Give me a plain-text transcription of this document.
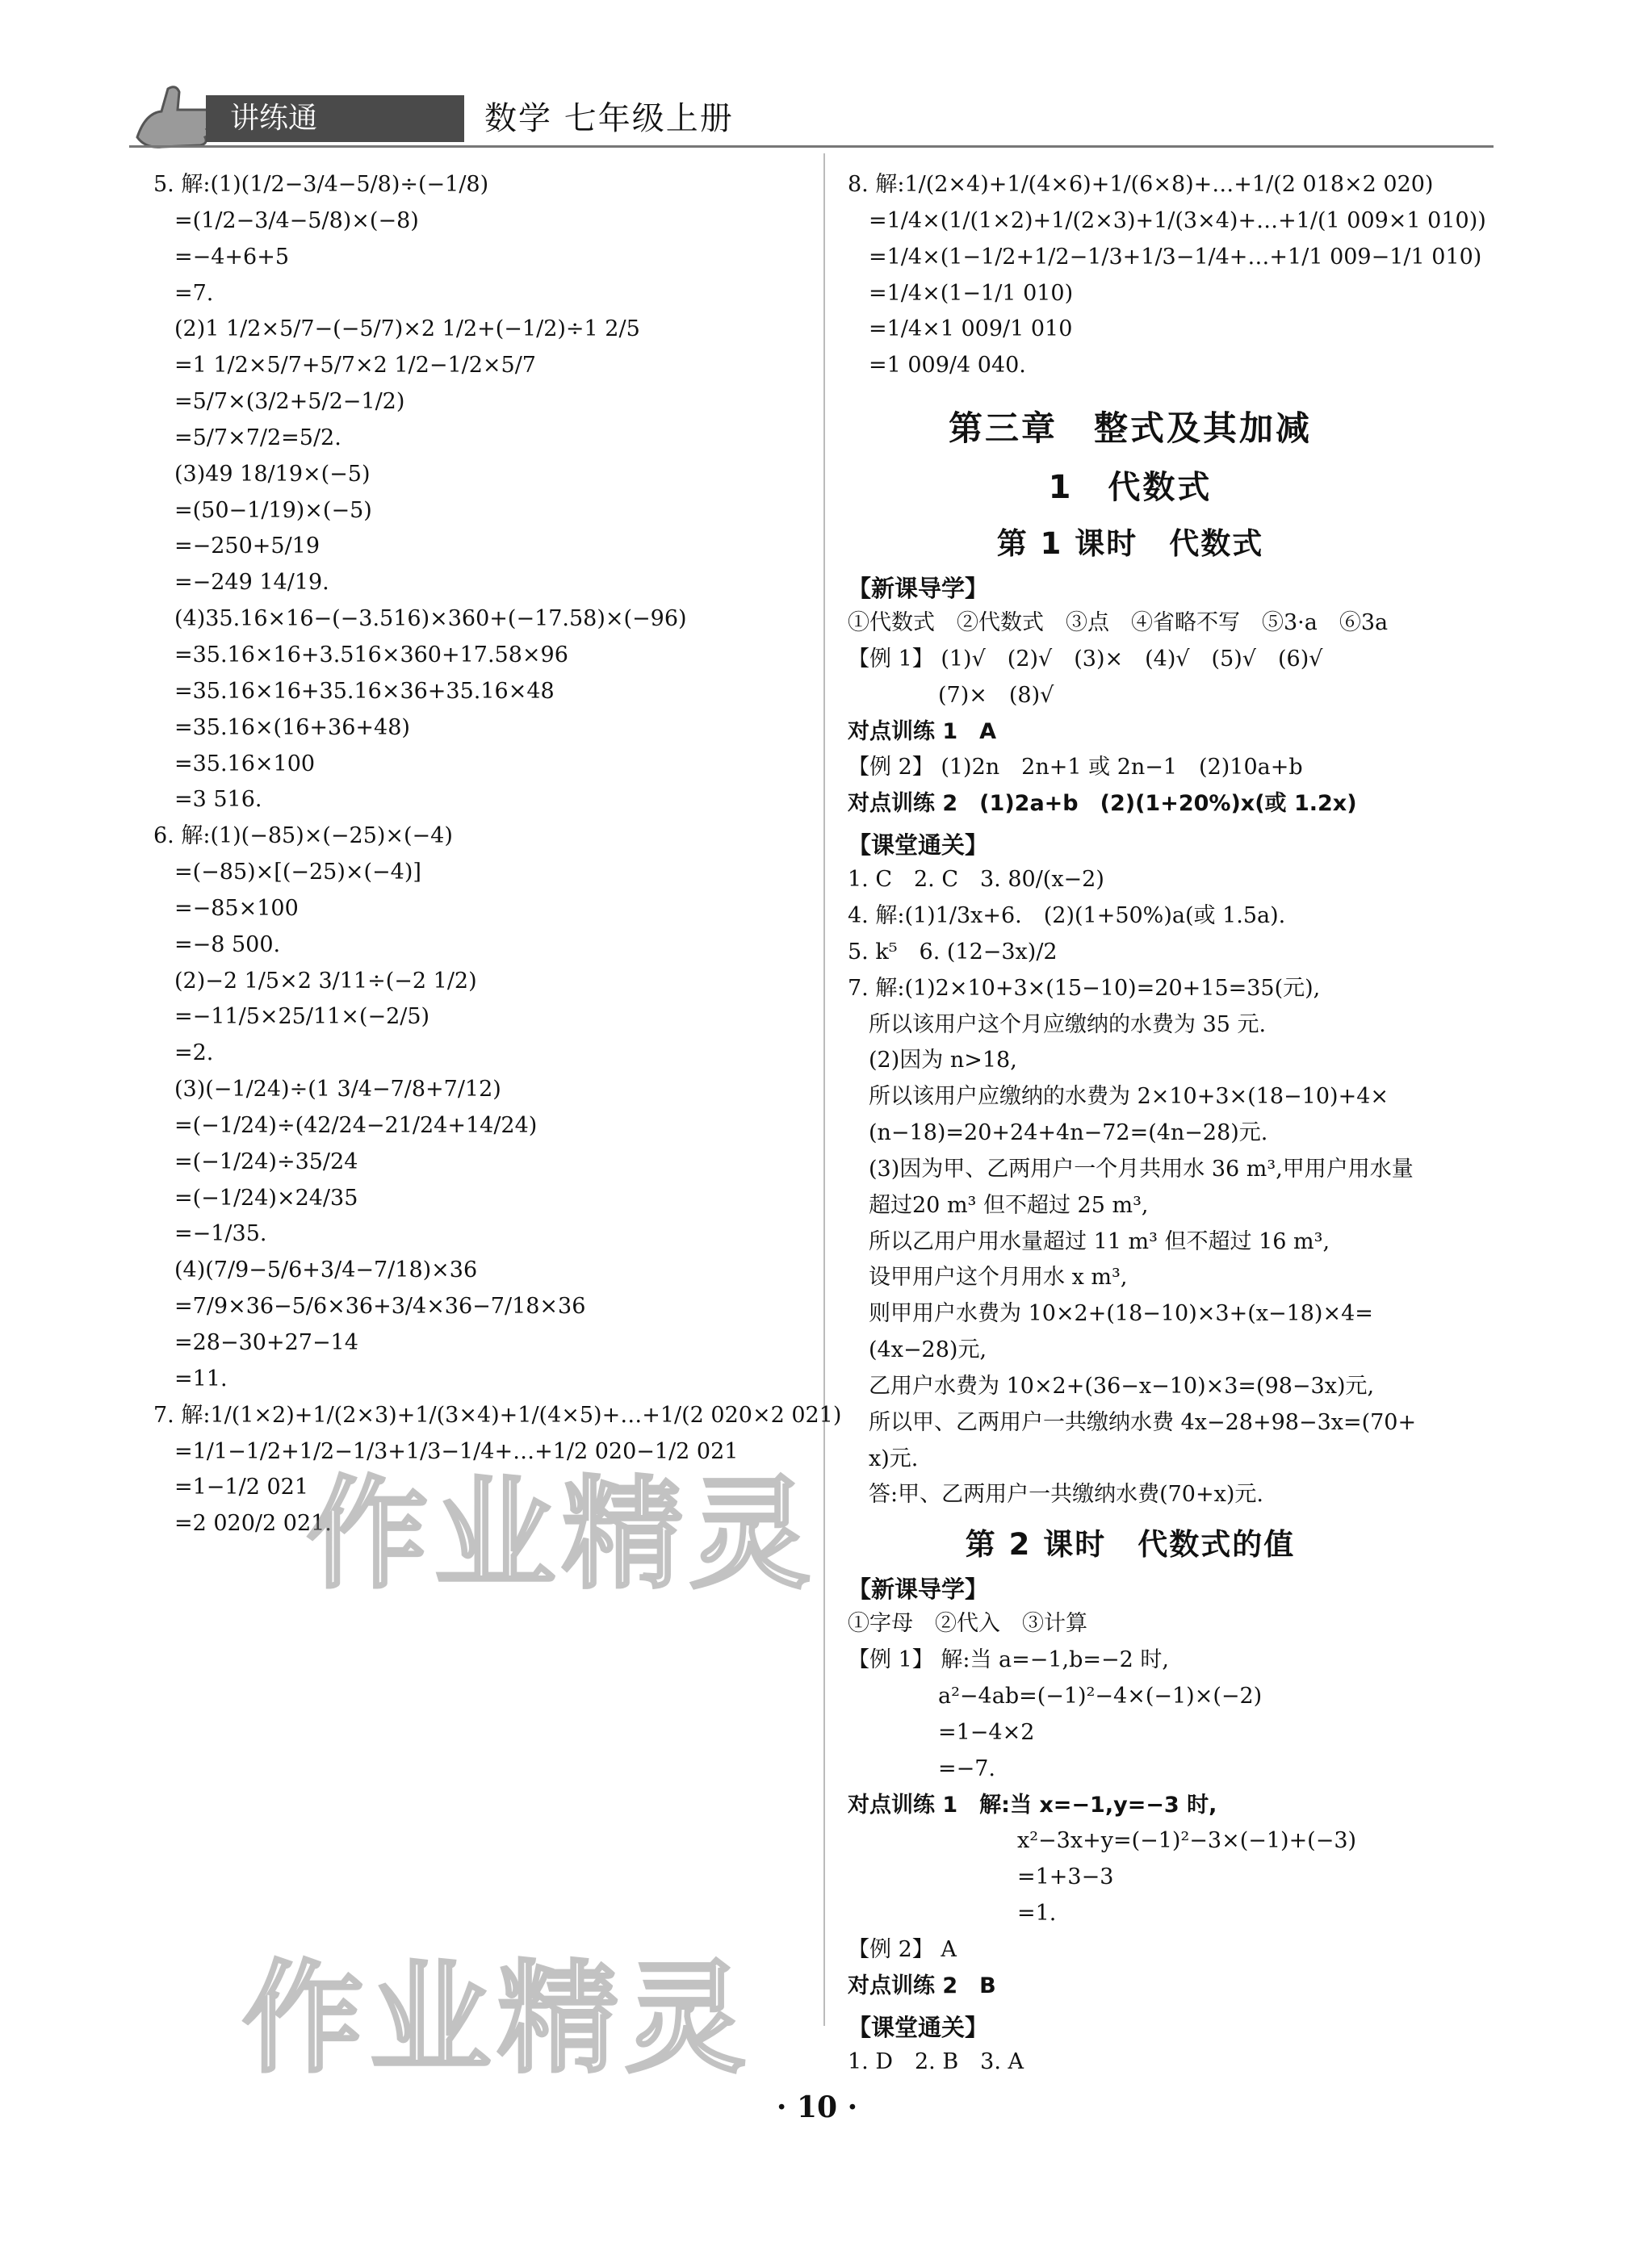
讲练通	数学 七年级上册
5. 解:(1)(1/2−3/4−5/8)÷(−1/8)
=(1/2−3/4−5/8)×(−8)
=−4+6+5
=7.
(2)1 1/2×5/7−(−5/7)×2 1/2+(−1/2)÷1 2/5
=1 1/2×5/7+5/7×2 1/2−1/2×5/7
=5/7×(3/2+5/2−1/2)
=5/7×7/2=5/2.
(3)49 18/19×(−5)
=(50−1/19)×(−5)
=−250+5/19
=−249 14/19.
(4)35.16×16−(−3.516)×360+(−17.58)×(−96)
=35.16×16+3.516×360+17.58×96
=35.16×16+35.16×36+35.16×48
=35.16×(16+36+48)
=35.16×100
=3 516.
6. 解:(1)(−85)×(−25)×(−4)
=(−85)×[(−25)×(−4)]
=−85×100
=−8 500.
(2)−2 1/5×2 3/11÷(−2 1/2)
=−11/5×25/11×(−2/5)
=2.
(3)(−1/24)÷(1 3/4−7/8+7/12)
=(−1/24)÷(42/24−21/24+14/24)
=(−1/24)÷35/24
=(−1/24)×24/35
=−1/35.
(4)(7/9−5/6+3/4−7/18)×36
=7/9×36−5/6×36+3/4×36−7/18×36
=28−30+27−14
=11.
7. 解:1/(1×2)+1/(2×3)+1/(3×4)+1/(4×5)+…+1/(2 020×2 021)
=1/1−1/2+1/2−1/3+1/3−1/4+…+1/2 020−1/2 021
=1−1/2 021
=2 020/2 021.
8. 解:1/(2×4)+1/(4×6)+1/(6×8)+…+1/(2 018×2 020)
=1/4×(1/(1×2)+1/(2×3)+1/(3×4)+…+1/(1 009×1 010))
=1/4×(1−1/2+1/2−1/3+1/3−1/4+…+1/1 009−1/1 010)
=1/4×(1−1/1 010)
=1/4×1 009/1 010
=1 009/4 040.
第三章　整式及其加减
1　代数式
第 1 课时　代数式
【新课导学】
①代数式　②代数式　③点　④省略不写　⑤3·a　⑥3a
【例 1】 (1)√　(2)√　(3)×　(4)√　(5)√　(6)√
(7)×　(8)√
对点训练 1　A
【例 2】 (1)2n　2n+1 或 2n−1　(2)10a+b
对点训练 2　(1)2a+b　(2)(1+20%)x(或 1.2x)
【课堂通关】
1. C　2. C　3. 80/(x−2)
4. 解:(1)1/3x+6.　(2)(1+50%)a(或 1.5a).
5. k⁵　6. (12−3x)/2
7. 解:(1)2×10+3×(15−10)=20+15=35(元),
所以该用户这个月应缴纳的水费为 35 元.
(2)因为 n>18,
所以该用户应缴纳的水费为 2×10+3×(18−10)+4×
(n−18)=20+24+4n−72=(4n−28)元.
(3)因为甲、乙两用户一个月共用水 36 m³,甲用户用水量
超过20 m³ 但不超过 25 m³,
所以乙用户用水量超过 11 m³ 但不超过 16 m³,
设甲用户这个月用水 x m³,
则甲用户水费为 10×2+(18−10)×3+(x−18)×4=
(4x−28)元,
乙用户水费为 10×2+(36−x−10)×3=(98−3x)元,
所以甲、乙两用户一共缴纳水费 4x−28+98−3x=(70+
x)元.
答:甲、乙两用户一共缴纳水费(70+x)元.
第 2 课时　代数式的值
【新课导学】
①字母　②代入　③计算
【例 1】 解:当 a=−1,b=−2 时,
a²−4ab=(−1)²−4×(−1)×(−2)
=1−4×2
=−7.
对点训练 1　解:当 x=−1,y=−3 时,
x²−3x+y=(−1)²−3×(−1)+(−3)
=1+3−3
=1.
【例 2】 A
对点训练 2　B
【课堂通关】
1. D　2. B　3. A
作业精灵
作业精灵
· 10 ·
